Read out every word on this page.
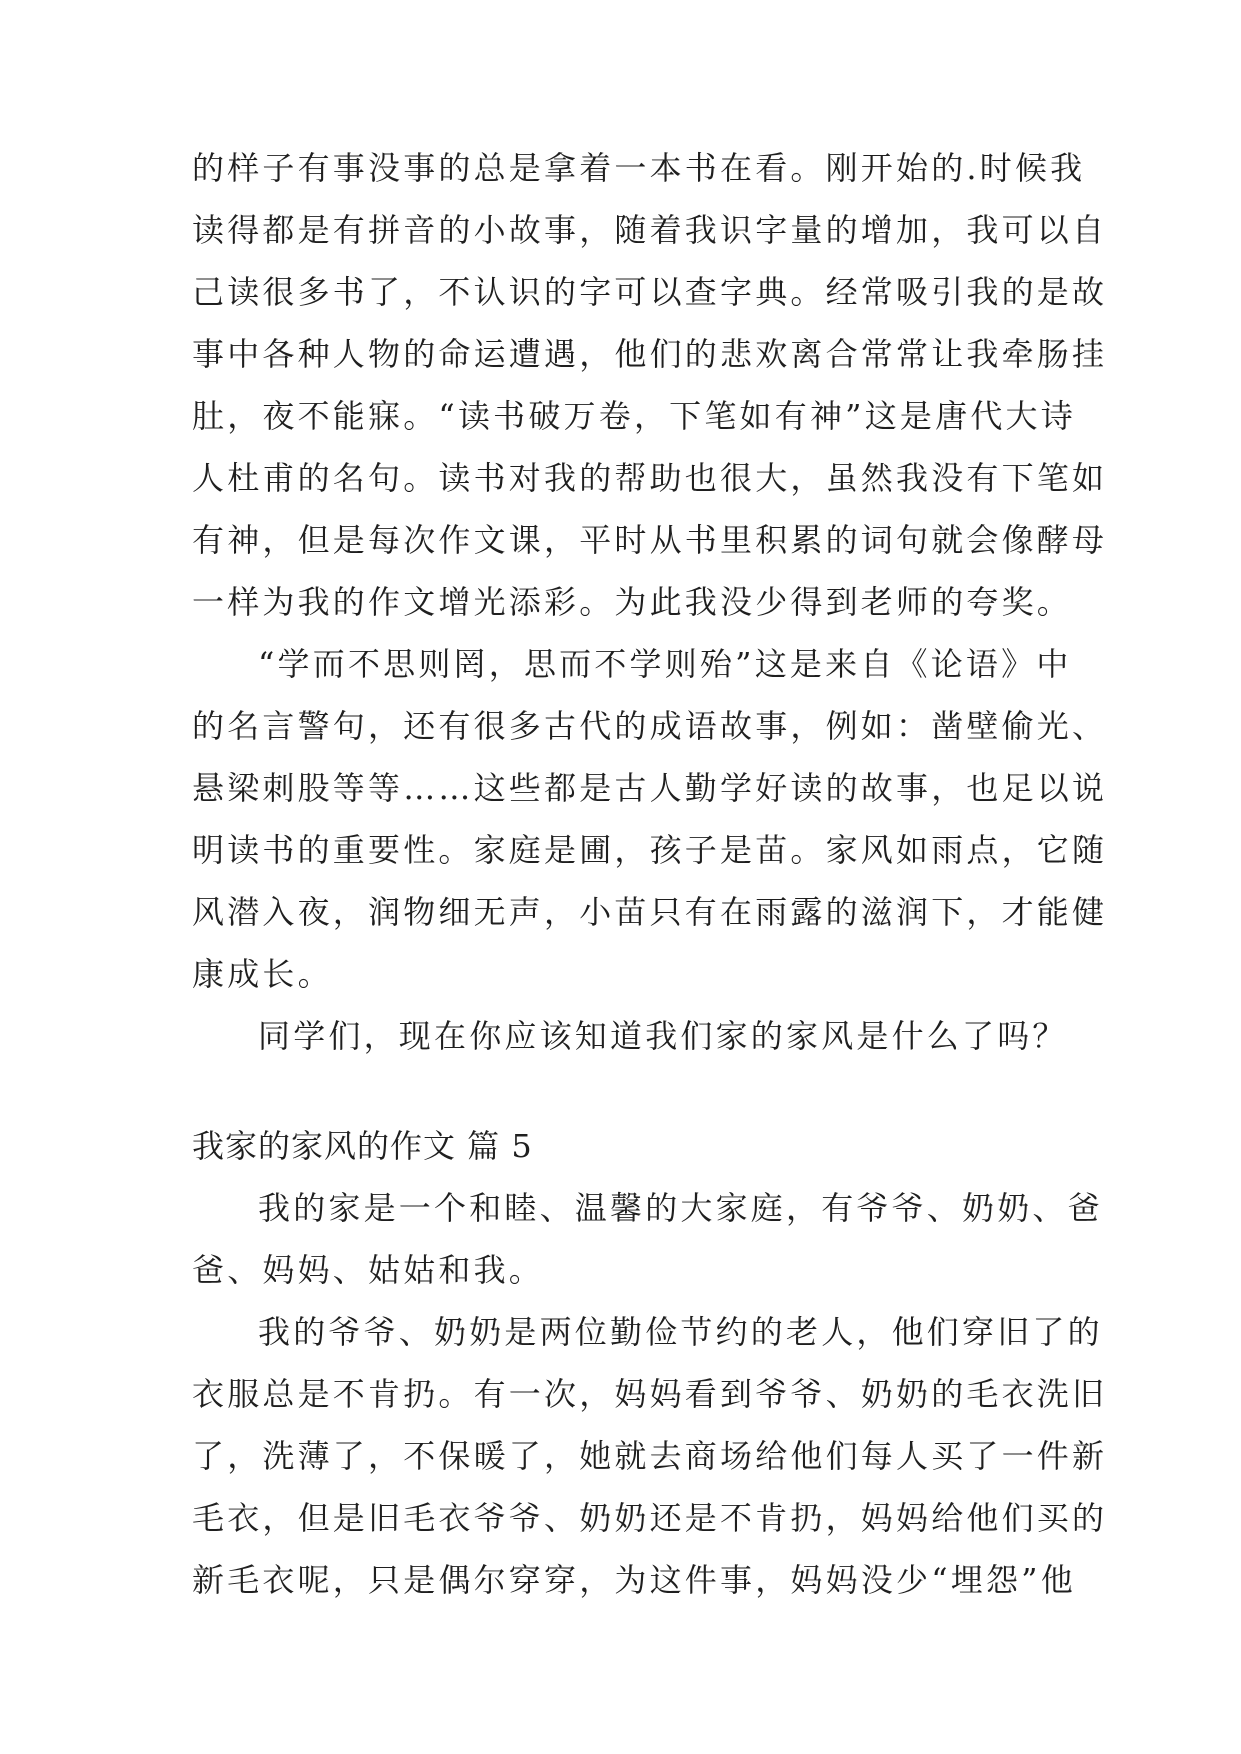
的样子有事没事的总是拿着一本书在看。刚开始的.时候我
读得都是有拼音的小故事，随着我识字量的增加，我可以自
己读很多书了，不认识的字可以查字典。经常吸引我的是故
事中各种人物的命运遭遇，他们的悲欢离合常常让我牵肠挂
肚，夜不能寐。“读书破万卷，下笔如有神”这是唐代大诗
人杜甫的名句。读书对我的帮助也很大，虽然我没有下笔如
有神，但是每次作文课，平时从书里积累的词句就会像酵母
一样为我的作文增光添彩。为此我没少得到老师的夸奖。
“学而不思则罔，思而不学则殆”这是来自《论语》中
的名言警句，还有很多古代的成语故事，例如：凿壁偷光、
悬梁刺股等等……这些都是古人勤学好读的故事，也足以说
明读书的重要性。家庭是圃，孩子是苗。家风如雨点，它随
风潜入夜，润物细无声，小苗只有在雨露的滋润下，才能健
康成长。
同学们，现在你应该知道我们家的家风是什么了吗？
我家的家风的作文 篇 5
我的家是一个和睦、温馨的大家庭，有爷爷、奶奶、爸
爸、妈妈、姑姑和我。
我的爷爷、奶奶是两位勤俭节约的老人，他们穿旧了的
衣服总是不肯扔。有一次，妈妈看到爷爷、奶奶的毛衣洗旧
了，洗薄了，不保暖了，她就去商场给他们每人买了一件新
毛衣，但是旧毛衣爷爷、奶奶还是不肯扔，妈妈给他们买的
新毛衣呢，只是偶尔穿穿，为这件事，妈妈没少“埋怨”他
